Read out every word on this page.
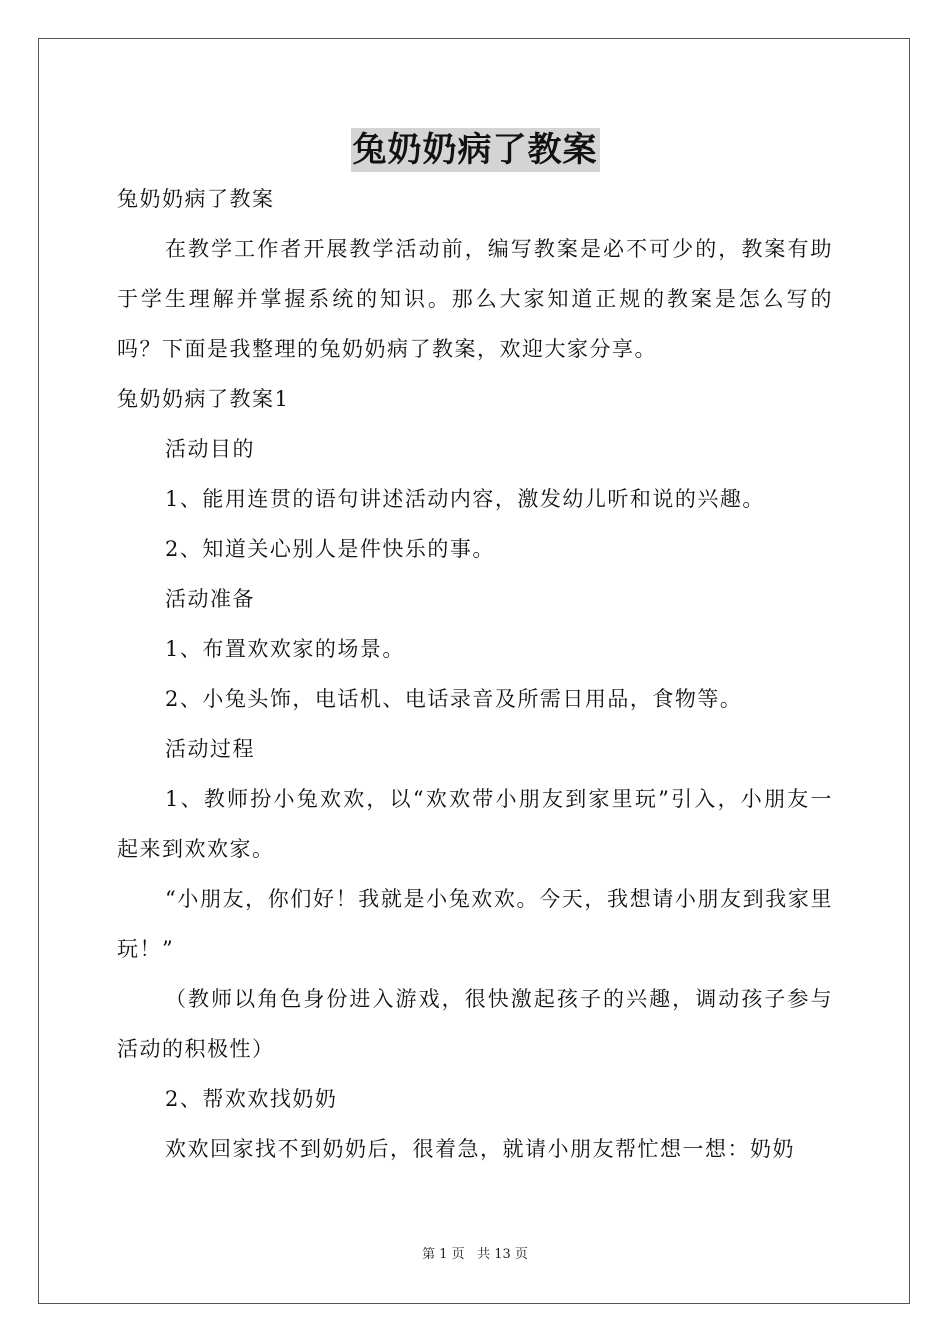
兔奶奶病了教案

兔奶奶病了教案

在教学工作者开展教学活动前，编写教案是必不可少的，教案有助于学生理解并掌握系统的知识。那么大家知道正规的教案是怎么写的吗？下面是我整理的兔奶奶病了教案，欢迎大家分享。

兔奶奶病了教案1

活动目的

1、能用连贯的语句讲述活动内容，激发幼儿听和说的兴趣。

2、知道关心别人是件快乐的事。

活动准备

1、布置欢欢家的场景。

2、小兔头饰，电话机、电话录音及所需日用品，食物等。

活动过程

1、教师扮小兔欢欢，以“欢欢带小朋友到家里玩”引入，小朋友一起来到欢欢家。

“小朋友，你们好！我就是小兔欢欢。今天，我想请小朋友到我家里玩！”

（教师以角色身份进入游戏，很快激起孩子的兴趣，调动孩子参与活动的积极性）

2、帮欢欢找奶奶

欢欢回家找不到奶奶后，很着急，就请小朋友帮忙想一想：奶奶

第 1 页 共 13 页
